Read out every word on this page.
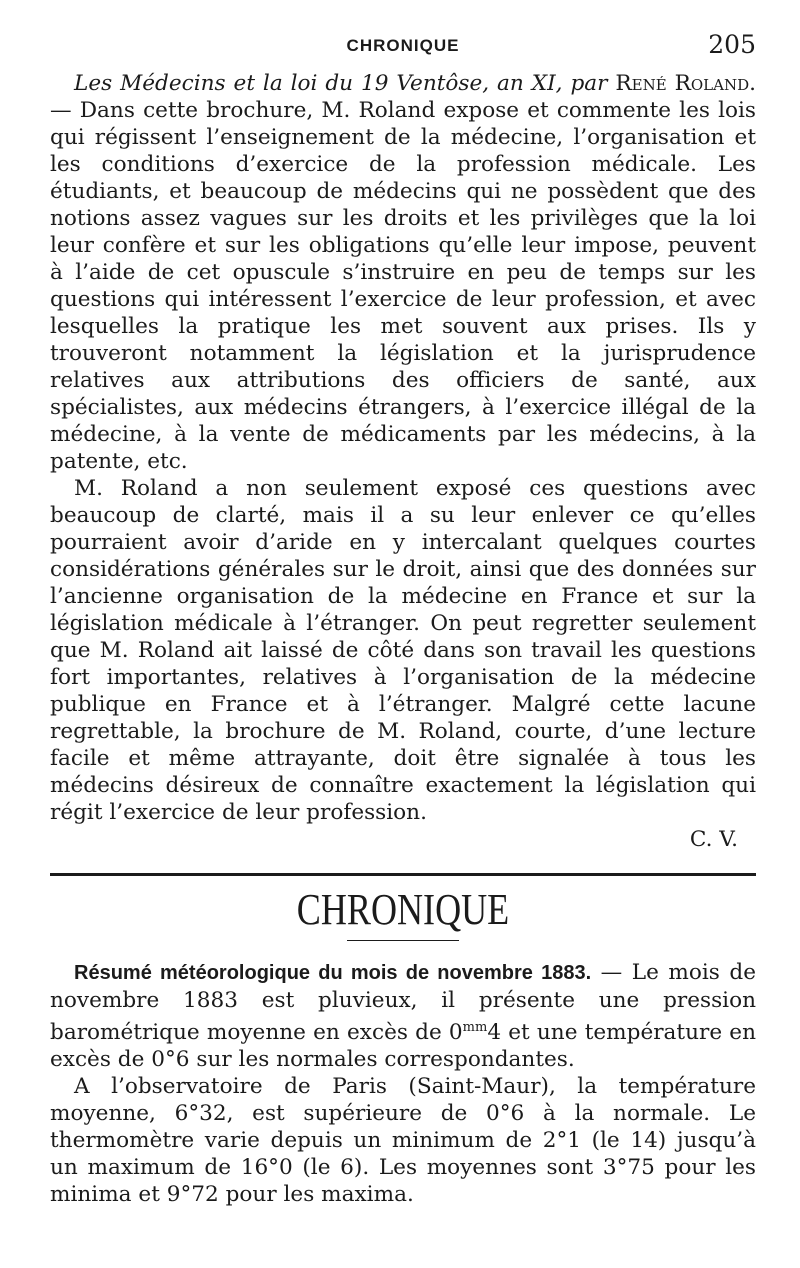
CHRONIQUE	205

Les Médecins et la loi du 19 Ventôse, an XI, par René Roland. — Dans cette brochure, M. Roland expose et commente les lois qui régissent l’enseignement de la médecine, l’organisation et les conditions d’exercice de la profession médicale. Les étudiants, et beaucoup de médecins qui ne possèdent que des notions assez vagues sur les droits et les privilèges que la loi leur confère et sur les obligations qu’elle leur impose, peuvent à l’aide de cet opuscule s’instruire en peu de temps sur les questions qui intéressent l’exercice de leur profession, et avec lesquelles la pratique les met souvent aux prises. Ils y trouveront notamment la législation et la jurisprudence relatives aux attributions des officiers de santé, aux spécialistes, aux médecins étrangers, à l’exercice illégal de la médecine, à la vente de médicaments par les médecins, à la patente, etc.

M. Roland a non seulement exposé ces questions avec beaucoup de clarté, mais il a su leur enlever ce qu’elles pourraient avoir d’aride en y intercalant quelques courtes considérations générales sur le droit, ainsi que des données sur l’ancienne organisation de la médecine en France et sur la législation médicale à l’étranger. On peut regretter seulement que M. Roland ait laissé de côté dans son travail les questions fort importantes, relatives à l’organisation de la médecine publique en France et à l’étranger. Malgré cette lacune regrettable, la brochure de M. Roland, courte, d’une lecture facile et même attrayante, doit être signalée à tous les médecins désireux de connaître exactement la législation qui régit l’exercice de leur profession.

C. V.

CHRONIQUE

Résumé météorologique du mois de novembre 1883. — Le mois de novembre 1883 est pluvieux, il présente une pression barométrique moyenne en excès de $0^{mm}4$ et une température en excès de 0°6 sur les normales correspondantes.

A l’observatoire de Paris (Saint-Maur), la température moyenne, 6°32, est supérieure de 0°6 à la normale. Le thermomètre varie depuis un minimum de 2°1 (le 14) jusqu’à un maximum de 16°0 (le 6). Les moyennes sont 3°75 pour les minima et 9°72 pour les maxima.
